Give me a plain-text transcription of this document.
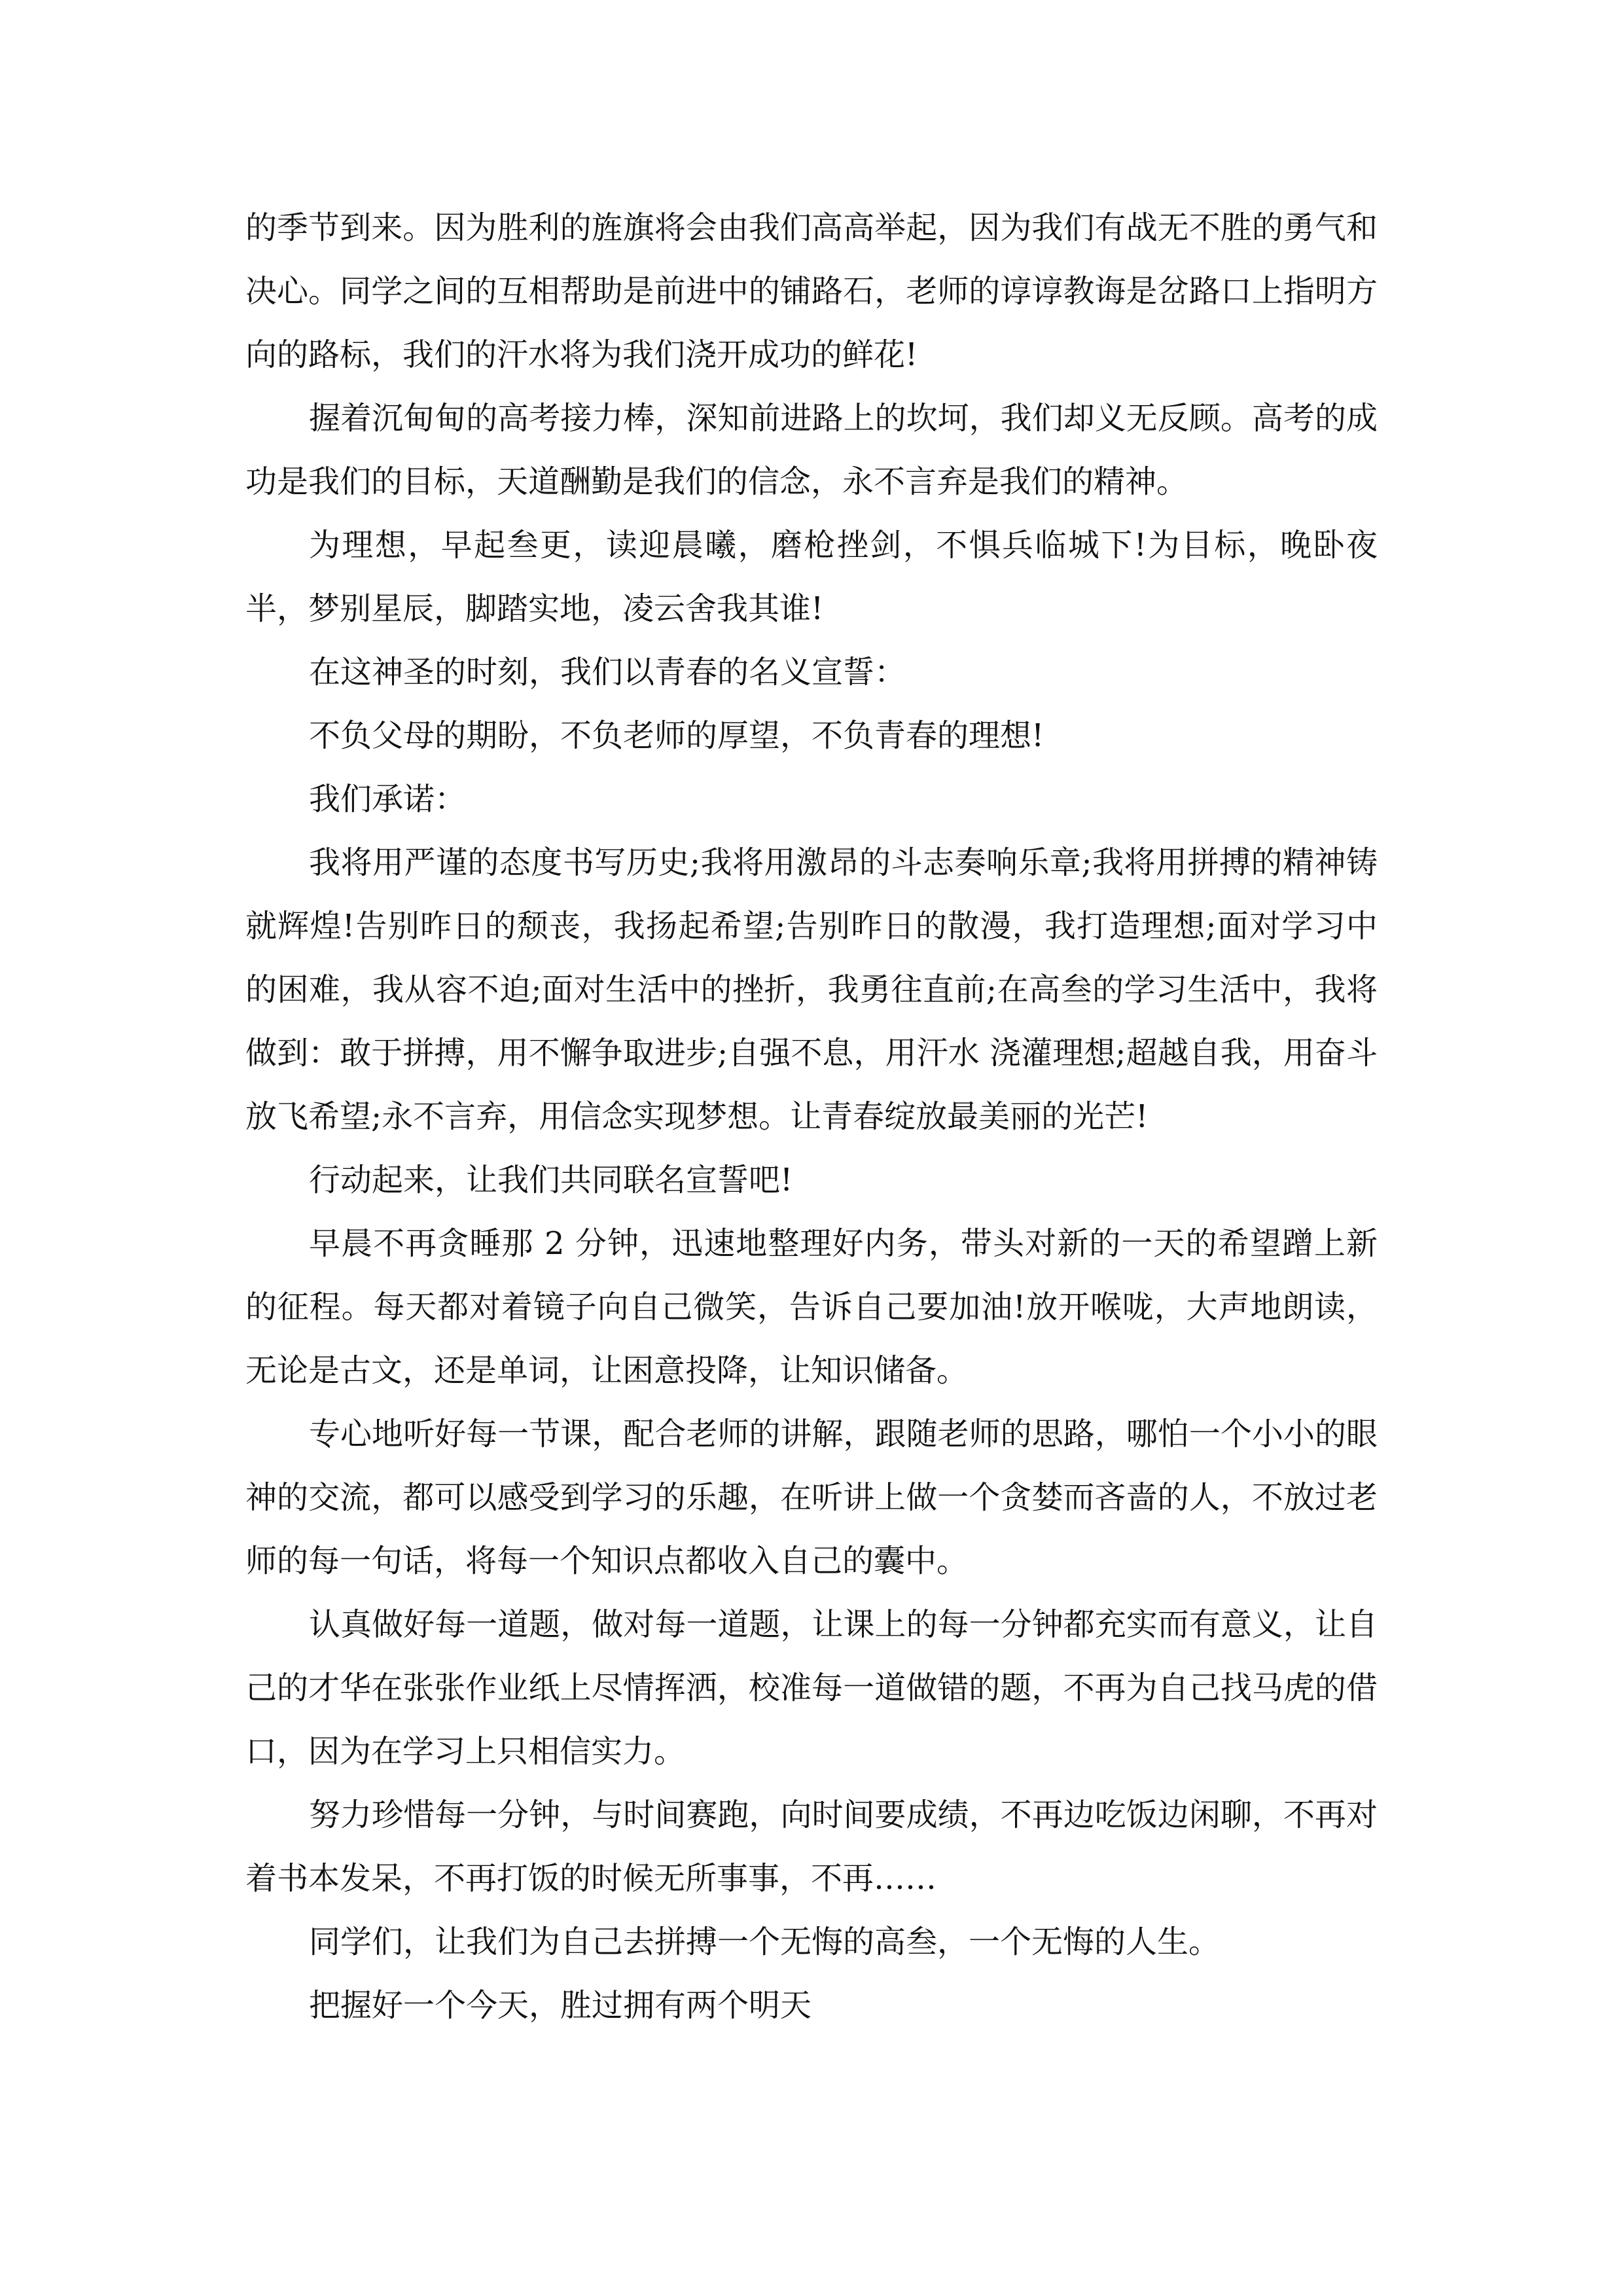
的季节到来。因为胜利的旌旗将会由我们高高举起，因为我们有战无不胜的勇气和决心。同学之间的互相帮助是前进中的铺路石，老师的谆谆教诲是岔路口上指明方向的路标，我们的汗水将为我们浇开成功的鲜花!

握着沉甸甸的高考接力棒，深知前进路上的坎坷，我们却义无反顾。高考的成功是我们的目标，天道酬勤是我们的信念，永不言弃是我们的精神。

为理想，早起叁更，读迎晨曦，磨枪挫剑，不惧兵临城下!为目标，晚卧夜半，梦别星辰，脚踏实地，凌云舍我其谁!

在这神圣的时刻，我们以青春的名义宣誓：

不负父母的期盼，不负老师的厚望，不负青春的理想!

我们承诺：

我将用严谨的态度书写历史;我将用激昂的斗志奏响乐章;我将用拼搏的精神铸就辉煌!告别昨日的颓丧，我扬起希望;告别昨日的散漫，我打造理想;面对学习中的困难，我从容不迫;面对生活中的挫折，我勇往直前;在高叁的学习生活中，我将做到：敢于拼搏，用不懈争取进步;自强不息，用汗水 浇灌理想;超越自我，用奋斗放飞希望;永不言弃，用信念实现梦想。让青春绽放最美丽的光芒!

行动起来，让我们共同联名宣誓吧!

早晨不再贪睡那 2 分钟，迅速地整理好内务，带头对新的一天的希望蹭上新的征程。每天都对着镜子向自己微笑，告诉自己要加油!放开喉咙，大声地朗读，无论是古文，还是单词，让困意投降，让知识储备。

专心地听好每一节课，配合老师的讲解，跟随老师的思路，哪怕一个小小的眼神的交流，都可以感受到学习的乐趣，在听讲上做一个贪婪而吝啬的人，不放过老师的每一句话，将每一个知识点都收入自己的囊中。

认真做好每一道题，做对每一道题，让课上的每一分钟都充实而有意义，让自己的才华在张张作业纸上尽情挥洒，校准每一道做错的题，不再为自己找马虎的借口，因为在学习上只相信实力。

努力珍惜每一分钟，与时间赛跑，向时间要成绩，不再边吃饭边闲聊，不再对着书本发呆，不再打饭的时候无所事事，不再……

同学们，让我们为自己去拼搏一个无悔的高叁，一个无悔的人生。

把握好一个今天，胜过拥有两个明天
